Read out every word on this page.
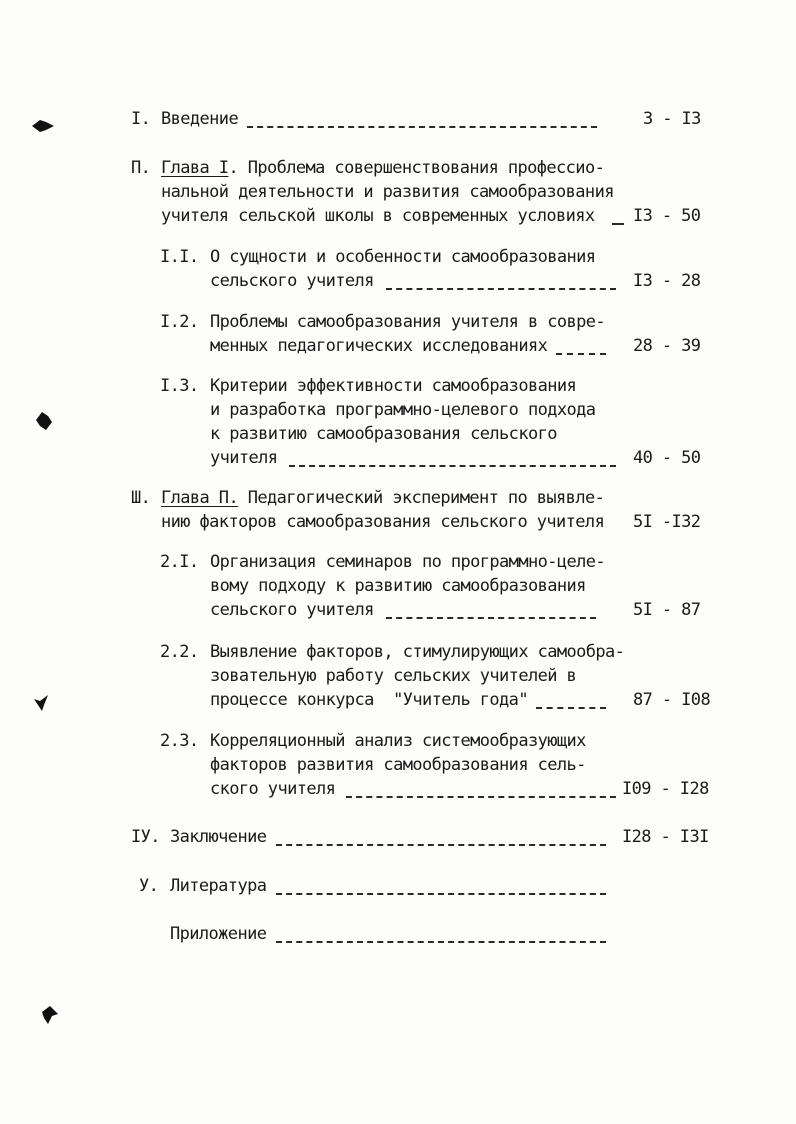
I. Введение	3 - I3
П. Глава I. Проблема совершенствования профессио-
нальной деятельности и развития самообразования
учителя сельской школы в современных условиях I3 - 50
I.I. О сущности и особенности самообразования
сельского учителя	I3 - 28
I.2. Проблемы самообразования учителя в совре-
менных педагогических исследованиях	28 - 39
I.3. Критерии эффективности самообразования
и разработка программно-целевого подхода
к развитию самообразования сельского
учителя	40 - 50
Ш. Глава П. Педагогический эксперимент по выявле-
нию факторов самообразования сельского учителя 5I -I32
2.I. Организация семинаров по программно-целе-
вому подходу к развитию самообразования
сельского учителя	5I - 87
2.2. Выявление факторов, стимулирующих самообра-
зовательную работу сельских учителей в
процессе конкурса  "Учитель года"	87 - I08
2.3. Корреляционный анализ системообразующих
факторов развития самообразования сель-
ского учителя	I09 - I28
IУ. Заключение	I28 - I3I
У. Литература
Приложение
